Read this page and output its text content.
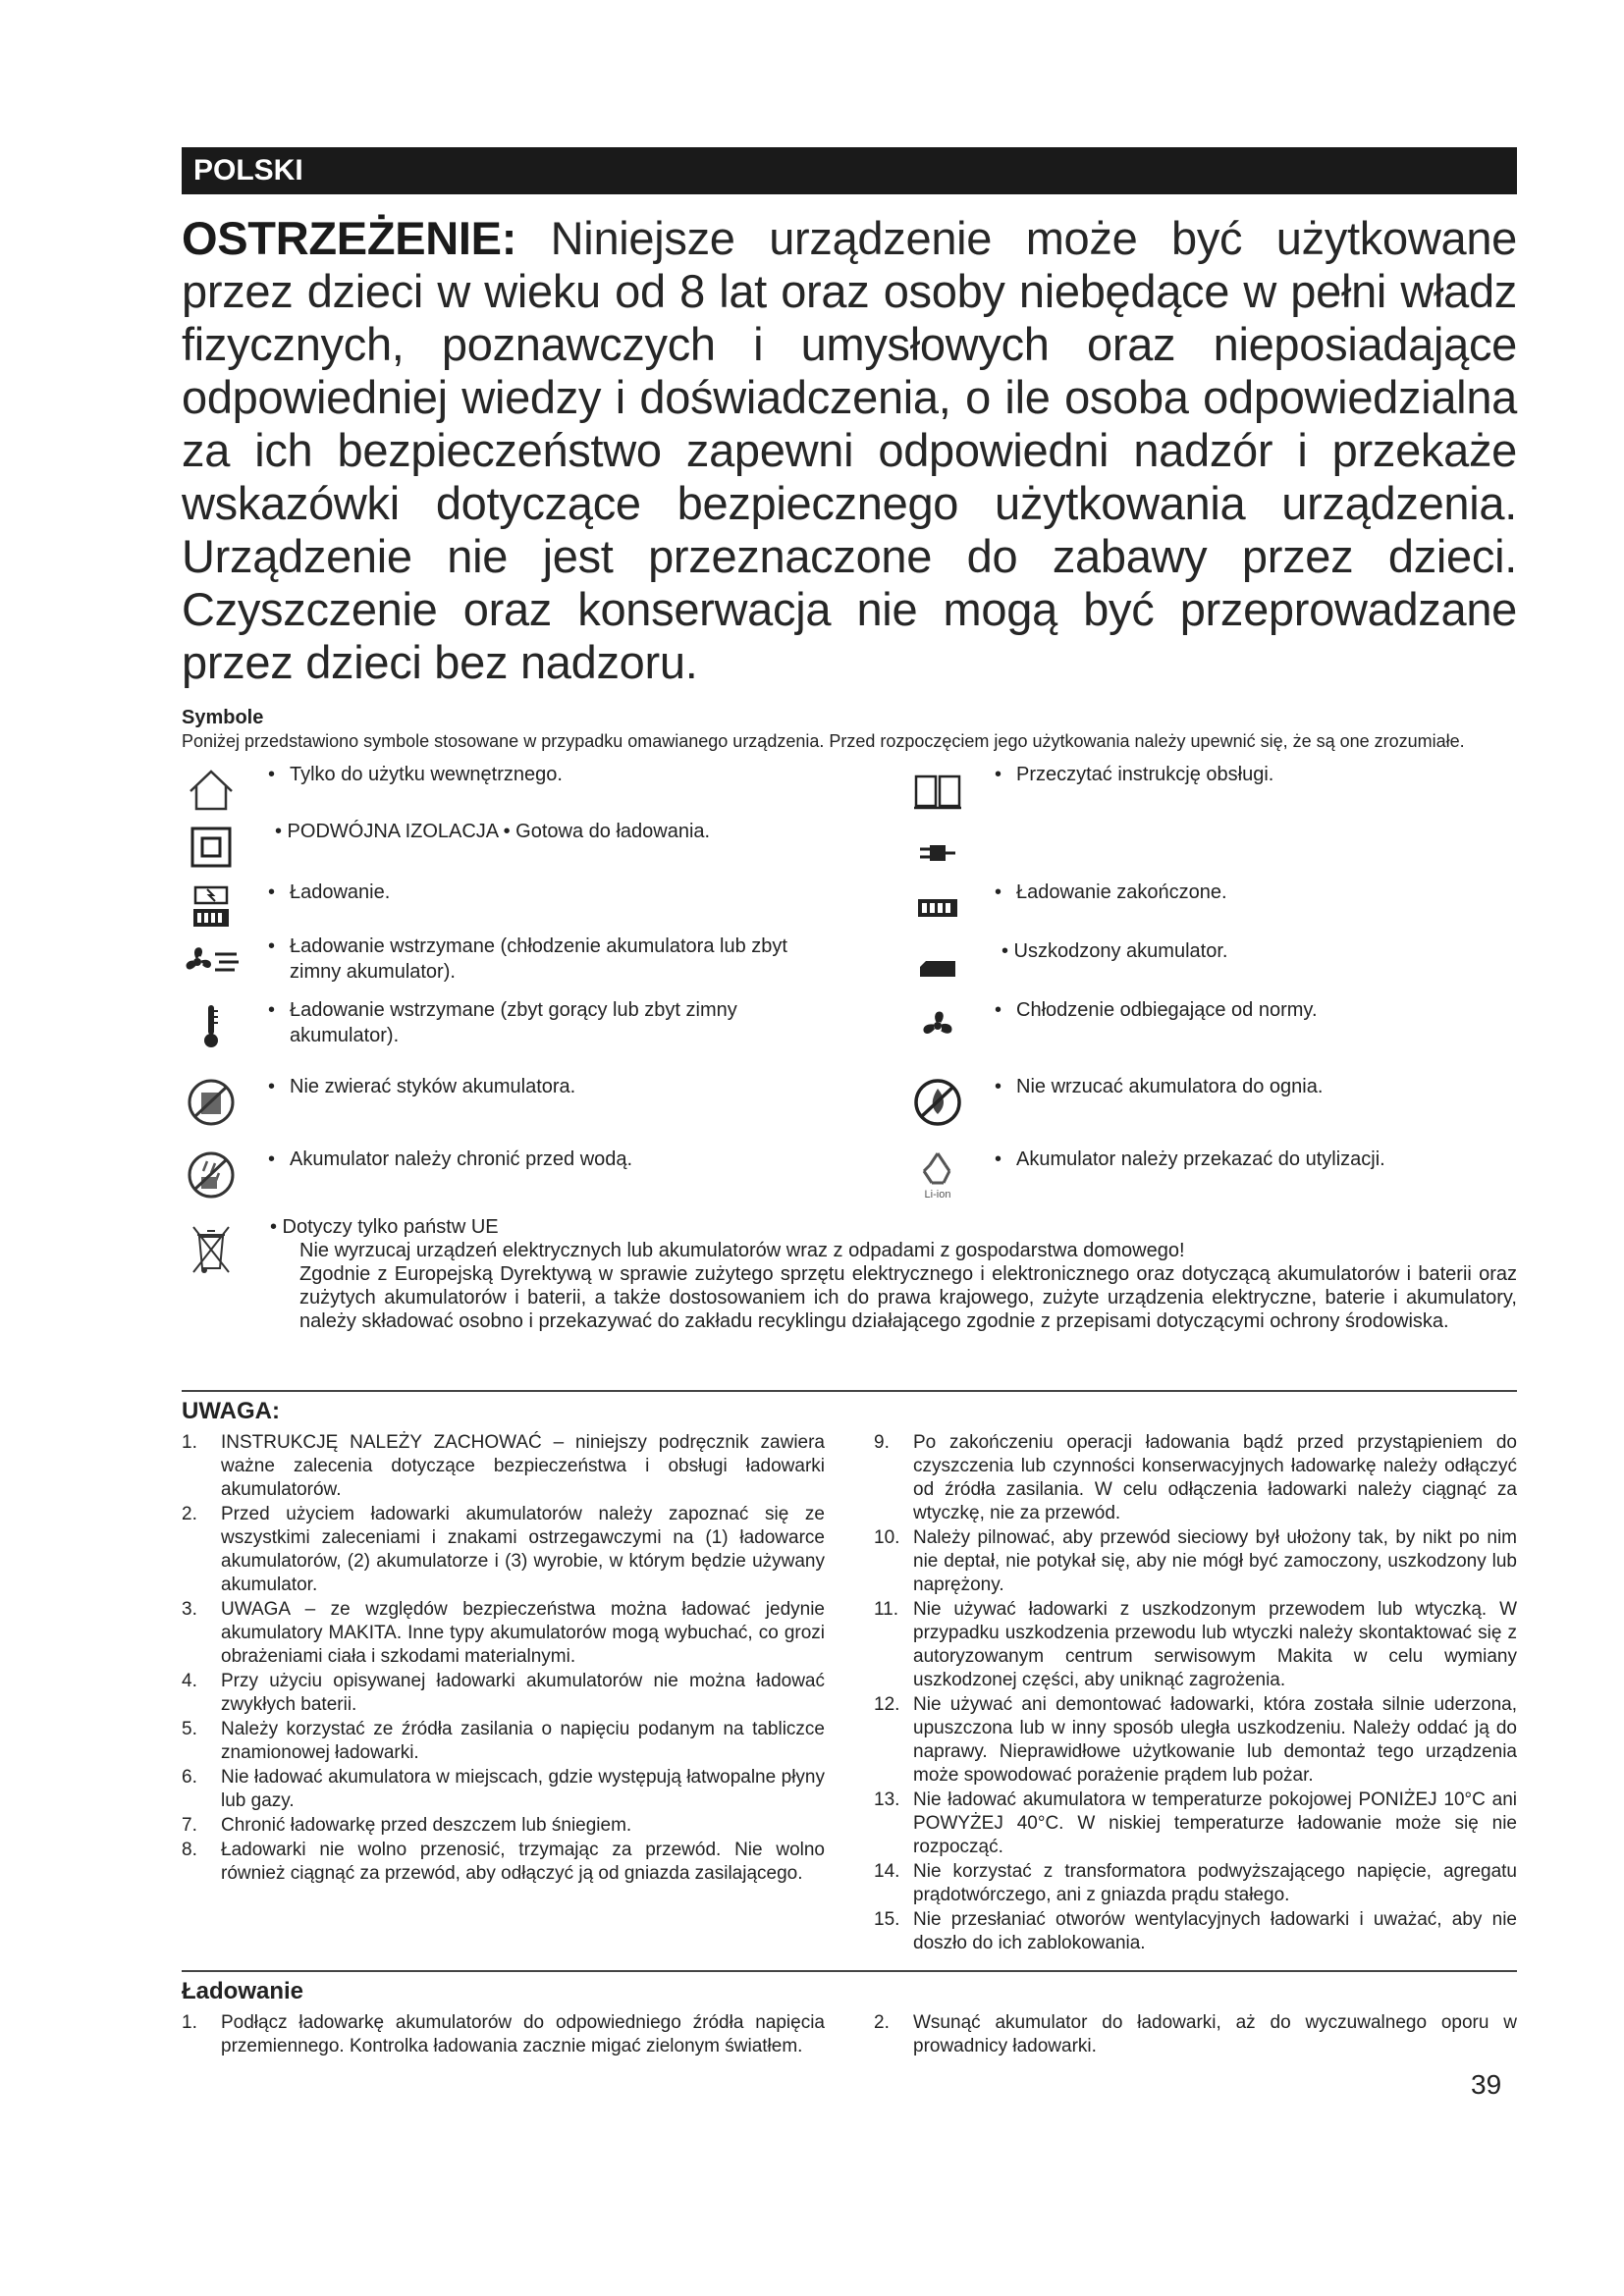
POLSKI
OSTRZEŻENIE: Niniejsze urządzenie może być użytkowane przez dzieci w wieku od 8 lat oraz osoby niebędące w pełni władz fizycznych, poznawczych i umysłowych oraz nieposiadające odpowiedniej wiedzy i doświadczenia, o ile osoba odpowiedzialna za ich bezpieczeństwo zapewni odpowiedni nadzór i przekaże wskazówki dotyczące bezpiecznego użytkowania urządzenia. Urządzenie nie jest przeznaczone do zabawy przez dzieci. Czyszczenie oraz konserwacja nie mogą być przeprowadzane przez dzieci bez nadzoru.
Symbole
Poniżej przedstawiono symbole stosowane w przypadku omawianego urządzenia. Przed rozpoczęciem jego użytkowania należy upewnić się, że są one zrozumiałe.
• Tylko do użytku wewnętrznego.
• PODWÓJNA IZOLACJA • Gotowa do ładowania.
• Ładowanie.
• Ładowanie wstrzymane (chłodzenie akumulatora lub zbyt zimny akumulator).
• Ładowanie wstrzymane (zbyt gorący lub zbyt zimny akumulator).
• Nie zwierać styków akumulatora.
• Akumulator należy chronić przed wodą.
• Przeczytać instrukcję obsługi.
• Ładowanie zakończone.
• Uszkodzony akumulator.
• Chłodzenie odbiegające od normy.
• Nie wrzucać akumulatora do ognia.
Li-ion
• Akumulator należy przekazać do utylizacji.
• Dotyczy tylko państw UE
Nie wyrzucaj urządzeń elektrycznych lub akumulatorów wraz z odpadami z gospodarstwa domowego!
Zgodnie z Europejską Dyrektywą w sprawie zużytego sprzętu elektrycznego i elektronicznego oraz dotyczącą akumulatorów i baterii oraz zużytych akumulatorów i baterii, a także dostosowaniem ich do prawa krajowego, zużyte urządzenia elektryczne, baterie i akumulatory, należy składować osobno i przekazywać do zakładu recyklingu działającego zgodnie z przepisami dotyczącymi ochrony środowiska.
UWAGA:
1. INSTRUKCJĘ NALEŻY ZACHOWAĆ – niniejszy podręcznik zawiera ważne zalecenia dotyczące bezpieczeństwa i obsługi ładowarki akumulatorów.
2. Przed użyciem ładowarki akumulatorów należy zapoznać się ze wszystkimi zaleceniami i znakami ostrzegawczymi na (1) ładowarce akumulatorów, (2) akumulatorze i (3) wyrobie, w którym będzie używany akumulator.
3. UWAGA – ze względów bezpieczeństwa można ładować jedynie akumulatory MAKITA. Inne typy akumulatorów mogą wybuchać, co grozi obrażeniami ciała i szkodami materialnymi.
4. Przy użyciu opisywanej ładowarki akumulatorów nie można ładować zwykłych baterii.
5. Należy korzystać ze źródła zasilania o napięciu podanym na tabliczce znamionowej ładowarki.
6. Nie ładować akumulatora w miejscach, gdzie występują łatwopalne płyny lub gazy.
7. Chronić ładowarkę przed deszczem lub śniegiem.
8. Ładowarki nie wolno przenosić, trzymając za przewód. Nie wolno również ciągnąć za przewód, aby odłączyć ją od gniazda zasilającego.
9. Po zakończeniu operacji ładowania bądź przed przystąpieniem do czyszczenia lub czynności konserwacyjnych ładowarkę należy odłączyć od źródła zasilania. W celu odłączenia ładowarki należy ciągnąć za wtyczkę, nie za przewód.
10. Należy pilnować, aby przewód sieciowy był ułożony tak, by nikt po nim nie deptał, nie potykał się, aby nie mógł być zamoczony, uszkodzony lub naprężony.
11. Nie używać ładowarki z uszkodzonym przewodem lub wtyczką. W przypadku uszkodzenia przewodu lub wtyczki należy skontaktować się z autoryzowanym centrum serwisowym Makita w celu wymiany uszkodzonej części, aby uniknąć zagrożenia.
12. Nie używać ani demontować ładowarki, która została silnie uderzona, upuszczona lub w inny sposób uległa uszkodzeniu. Należy oddać ją do naprawy. Nieprawidłowe użytkowanie lub demontaż tego urządzenia może spowodować porażenie prądem lub pożar.
13. Nie ładować akumulatora w temperaturze pokojowej PONIŻEJ 10°C ani POWYŻEJ 40°C. W niskiej temperaturze ładowanie może się nie rozpocząć.
14. Nie korzystać z transformatora podwyższającego napięcie, agregatu prądotwórczego, ani z gniazda prądu stałego.
15. Nie przesłaniać otworów wentylacyjnych ładowarki i uważać, aby nie doszło do ich zablokowania.
Ładowanie
1. Podłącz ładowarkę akumulatorów do odpowiedniego źródła napięcia przemiennego. Kontrolka ładowania zacznie migać zielonym światłem.
2. Wsunąć akumulator do ładowarki, aż do wyczuwalnego oporu w prowadnicy ładowarki.
39
